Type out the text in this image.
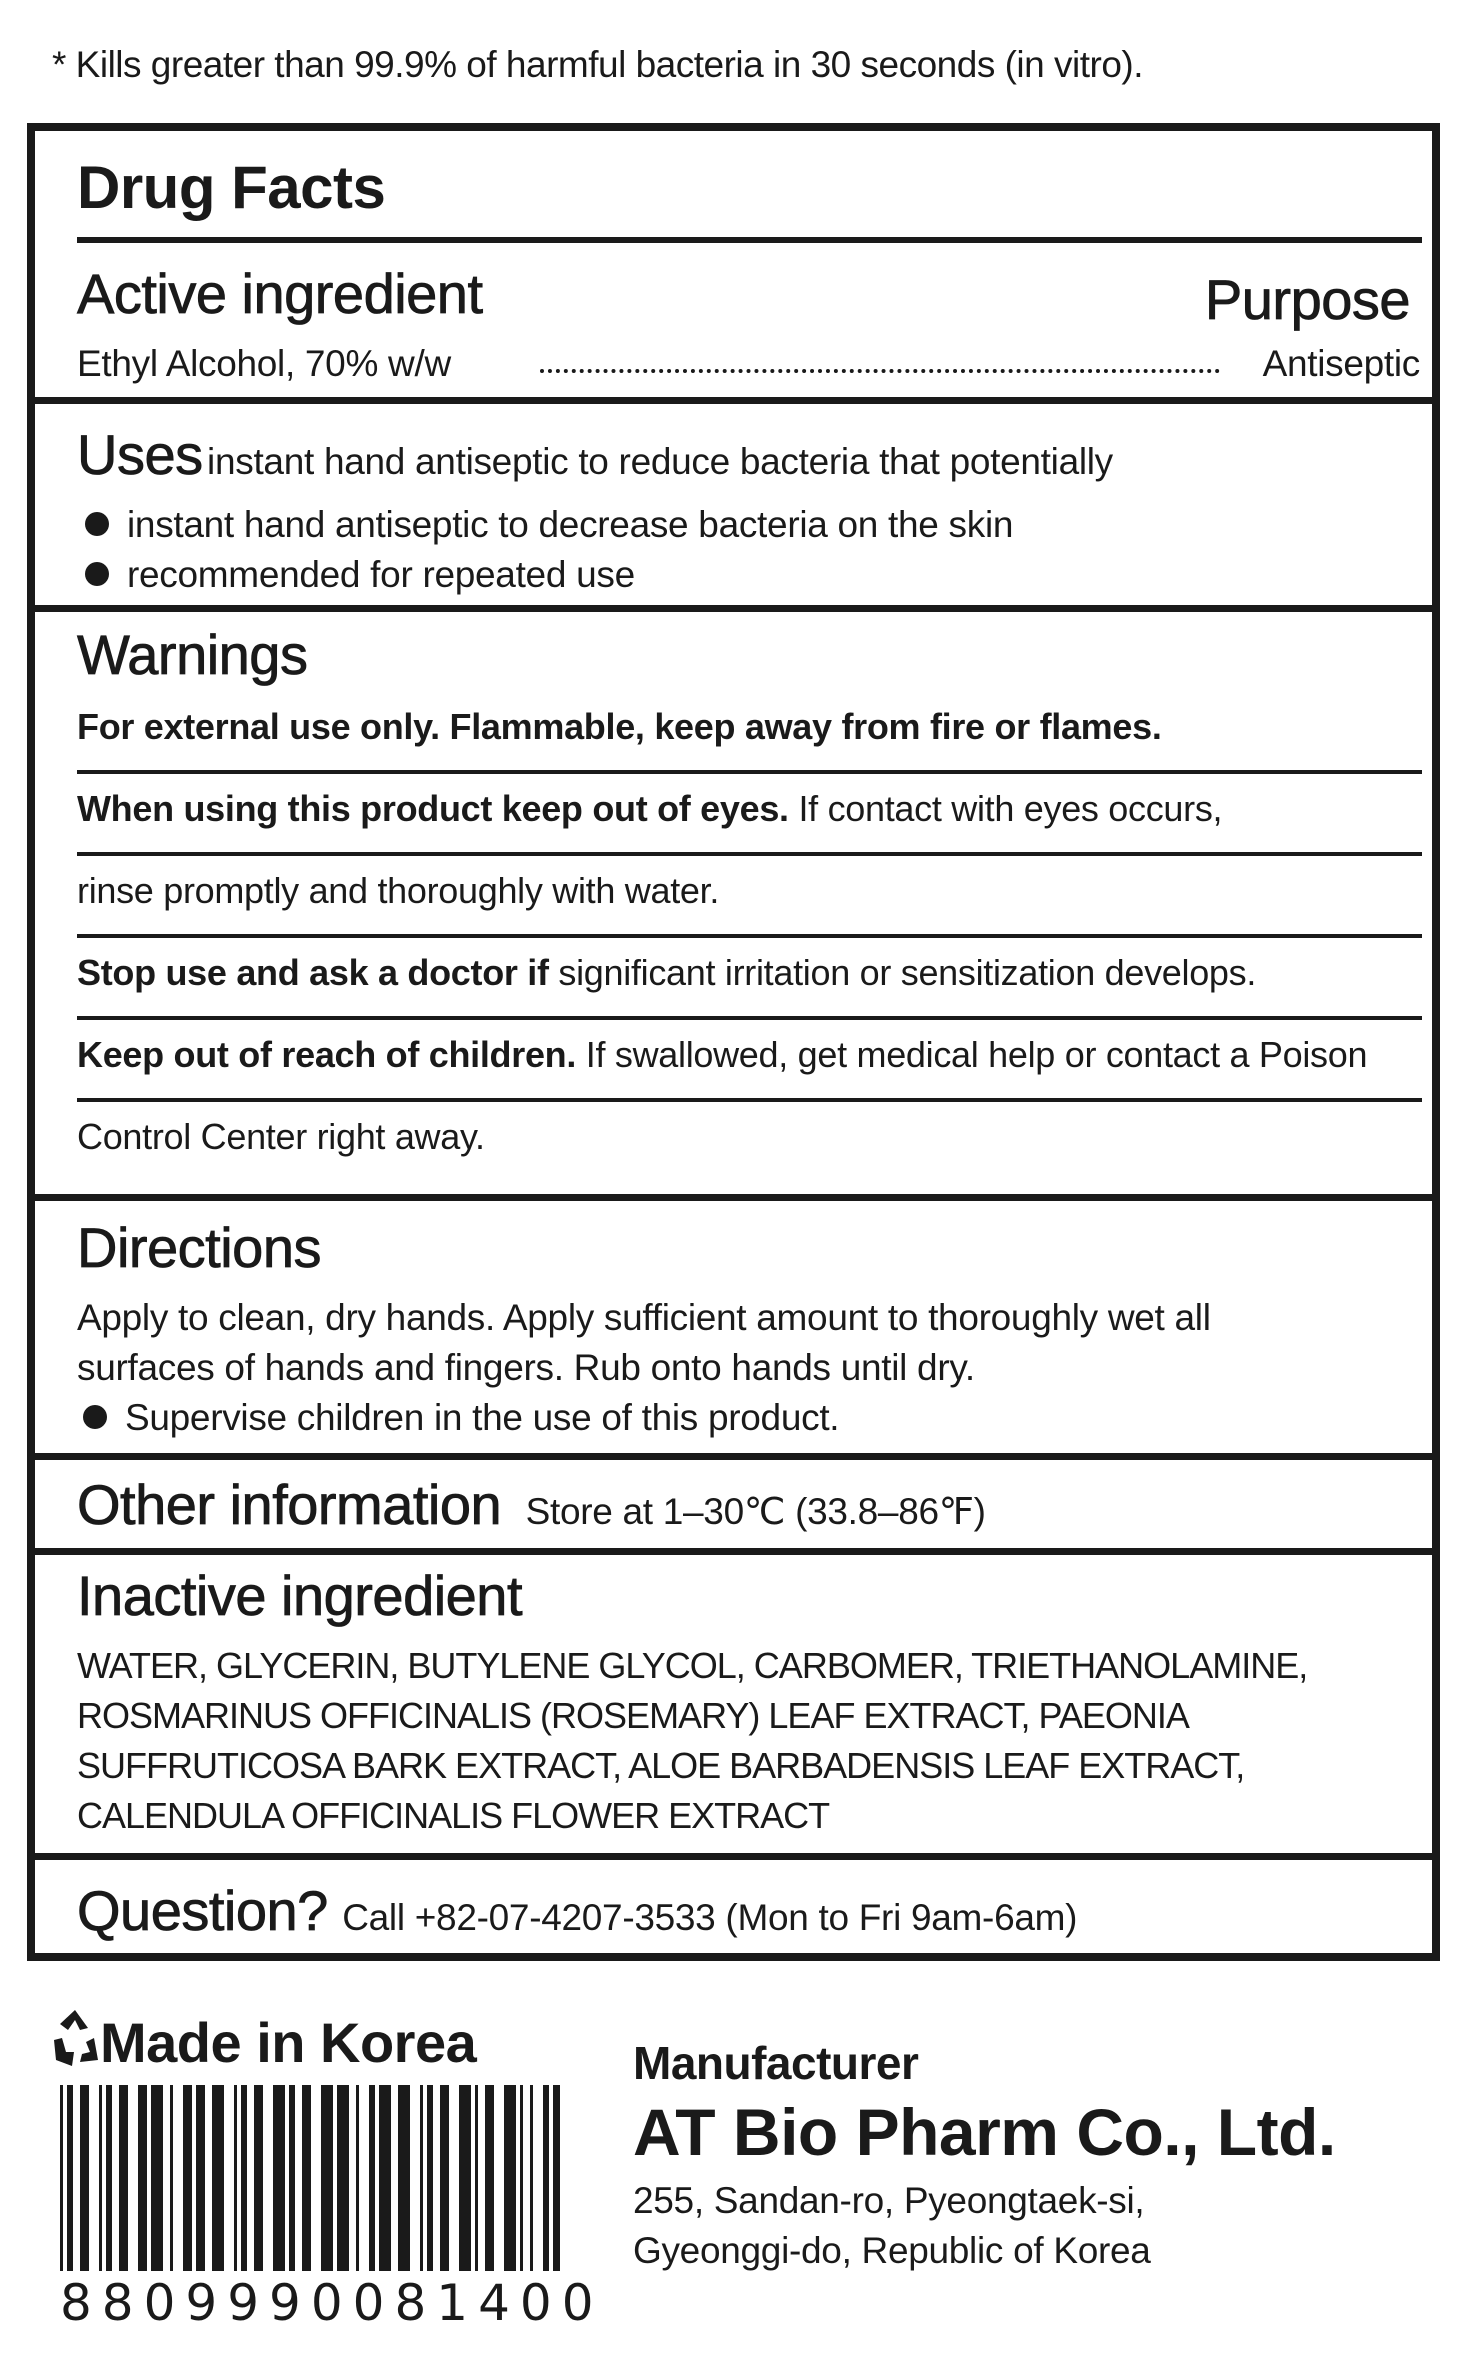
* Kills greater than 99.9% of harmful bacteria in 30 seconds (in vitro).
Drug Facts
Active ingredient	Purpose
Ethyl Alcohol, 70% w/w	Antiseptic
Uses instant hand antiseptic to reduce bacteria that potentially
instant hand antiseptic to decrease bacteria on the skin
recommended for repeated use
Warnings
For external use only. Flammable, keep away from fire or flames.
When using this product keep out of eyes. If contact with eyes occurs,
rinse promptly and thoroughly with water.
Stop use and ask a doctor if significant irritation or sensitization develops.
Keep out of reach of children. If swallowed, get medical help or contact a Poison
Control Center right away.
Directions
Apply to clean, dry hands. Apply sufficient amount to thoroughly wet all
surfaces of hands and fingers. Rub onto hands until dry.
Supervise children in the use of this product.
Other information Store at 1–30℃ (33.8–86℉)
Inactive ingredient
WATER, GLYCERIN, BUTYLENE GLYCOL, CARBOMER, TRIETHANOLAMINE,
ROSMARINUS OFFICINALIS (ROSEMARY) LEAF EXTRACT, PAEONIA
SUFFRUTICOSA BARK EXTRACT, ALOE BARBADENSIS LEAF EXTRACT,
CALENDULA OFFICINALIS FLOWER EXTRACT
Question? Call +82-07-4207-3533 (Mon to Fri 9am-6am)
Made in Korea
8809990081400
Manufacturer
AT Bio Pharm Co., Ltd.
255, Sandan-ro, Pyeongtaek-si,
Gyeonggi-do, Republic of Korea
